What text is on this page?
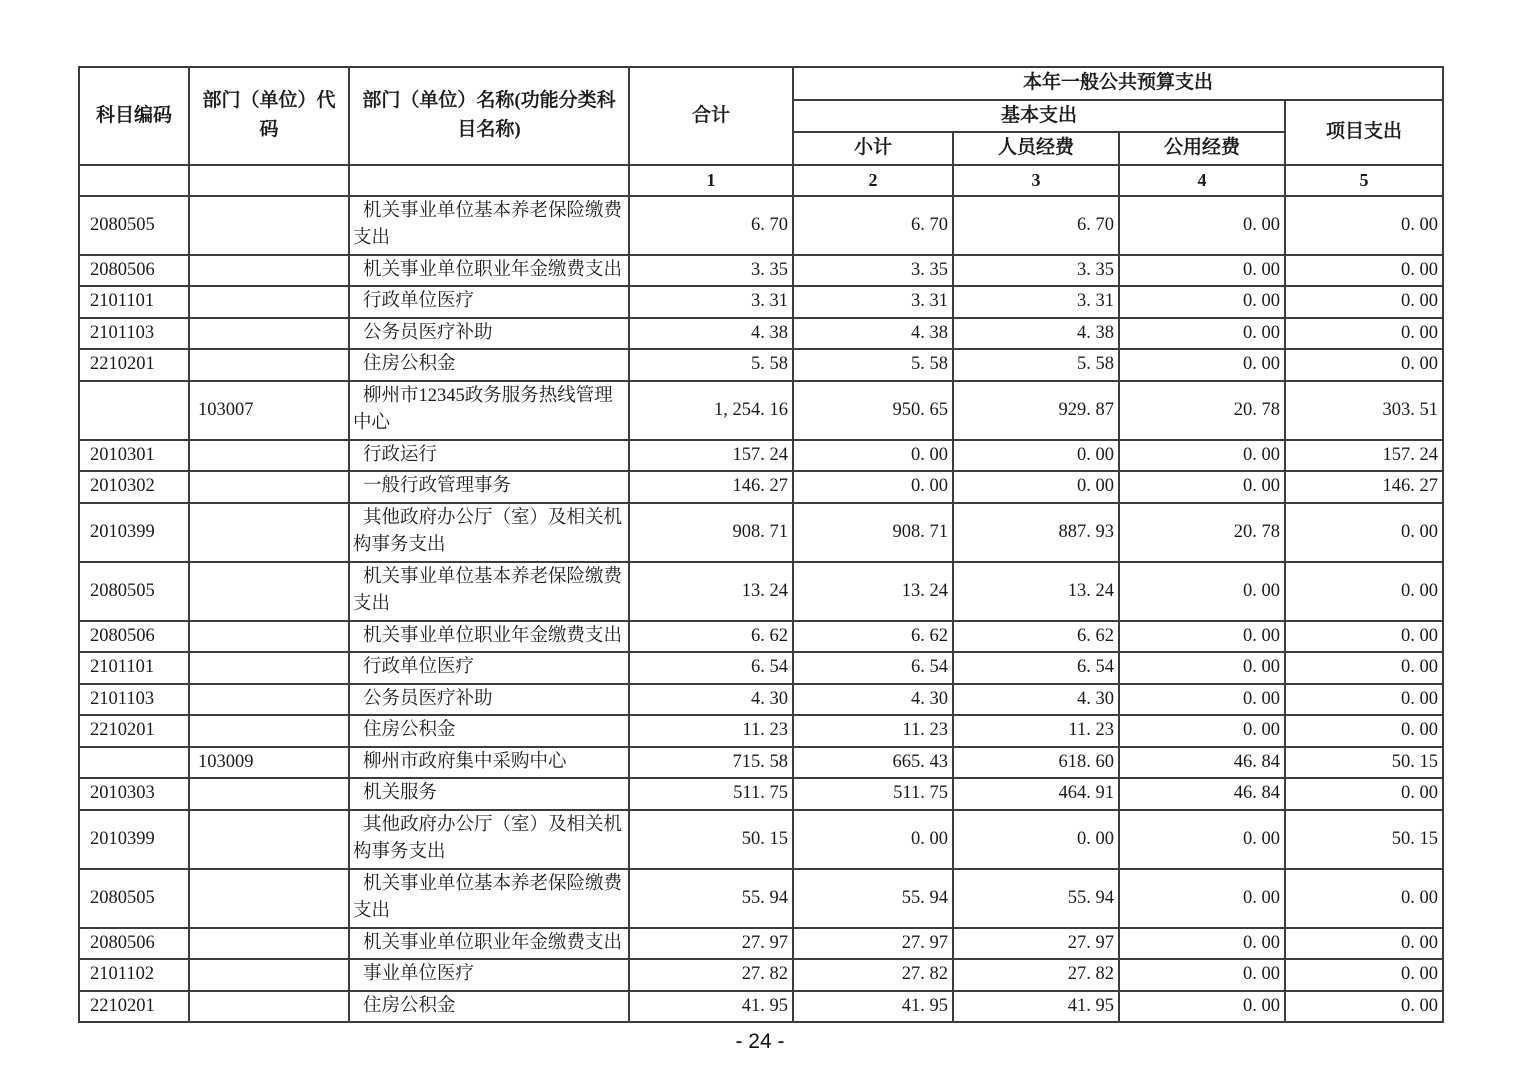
科目编码	部门（单位）代码	部门（单位）名称(功能分类科目名称)	合计	本年一般公共预算支出			
				基本支出			项目支出
				小计	人员经费	公用经费	
			1	2	3	4	5
2080505		机关事业单位基本养老保险缴费支出	6. 70	6. 70	6. 70	0. 00	0. 00
2080506		机关事业单位职业年金缴费支出	3. 35	3. 35	3. 35	0. 00	0. 00
2101101		行政单位医疗	3. 31	3. 31	3. 31	0. 00	0. 00
2101103		公务员医疗补助	4. 38	4. 38	4. 38	0. 00	0. 00
2210201		住房公积金	5. 58	5. 58	5. 58	0. 00	0. 00
	103007	柳州市12345政务服务热线管理中心	1, 254. 16	950. 65	929. 87	20. 78	303. 51
2010301		行政运行	157. 24	0. 00	0. 00	0. 00	157. 24
2010302		一般行政管理事务	146. 27	0. 00	0. 00	0. 00	146. 27
2010399		其他政府办公厅（室）及相关机构事务支出	908. 71	908. 71	887. 93	20. 78	0. 00
2080505		机关事业单位基本养老保险缴费支出	13. 24	13. 24	13. 24	0. 00	0. 00
2080506		机关事业单位职业年金缴费支出	6. 62	6. 62	6. 62	0. 00	0. 00
2101101		行政单位医疗	6. 54	6. 54	6. 54	0. 00	0. 00
2101103		公务员医疗补助	4. 30	4. 30	4. 30	0. 00	0. 00
2210201		住房公积金	11. 23	11. 23	11. 23	0. 00	0. 00
	103009	柳州市政府集中采购中心	715. 58	665. 43	618. 60	46. 84	50. 15
2010303		机关服务	511. 75	511. 75	464. 91	46. 84	0. 00
2010399		其他政府办公厅（室）及相关机构事务支出	50. 15	0. 00	0. 00	0. 00	50. 15
2080505		机关事业单位基本养老保险缴费支出	55. 94	55. 94	55. 94	0. 00	0. 00
2080506		机关事业单位职业年金缴费支出	27. 97	27. 97	27. 97	0. 00	0. 00
2101102		事业单位医疗	27. 82	27. 82	27. 82	0. 00	0. 00
2210201		住房公积金	41. 95	41. 95	41. 95	0. 00	0. 00
- 24 -
